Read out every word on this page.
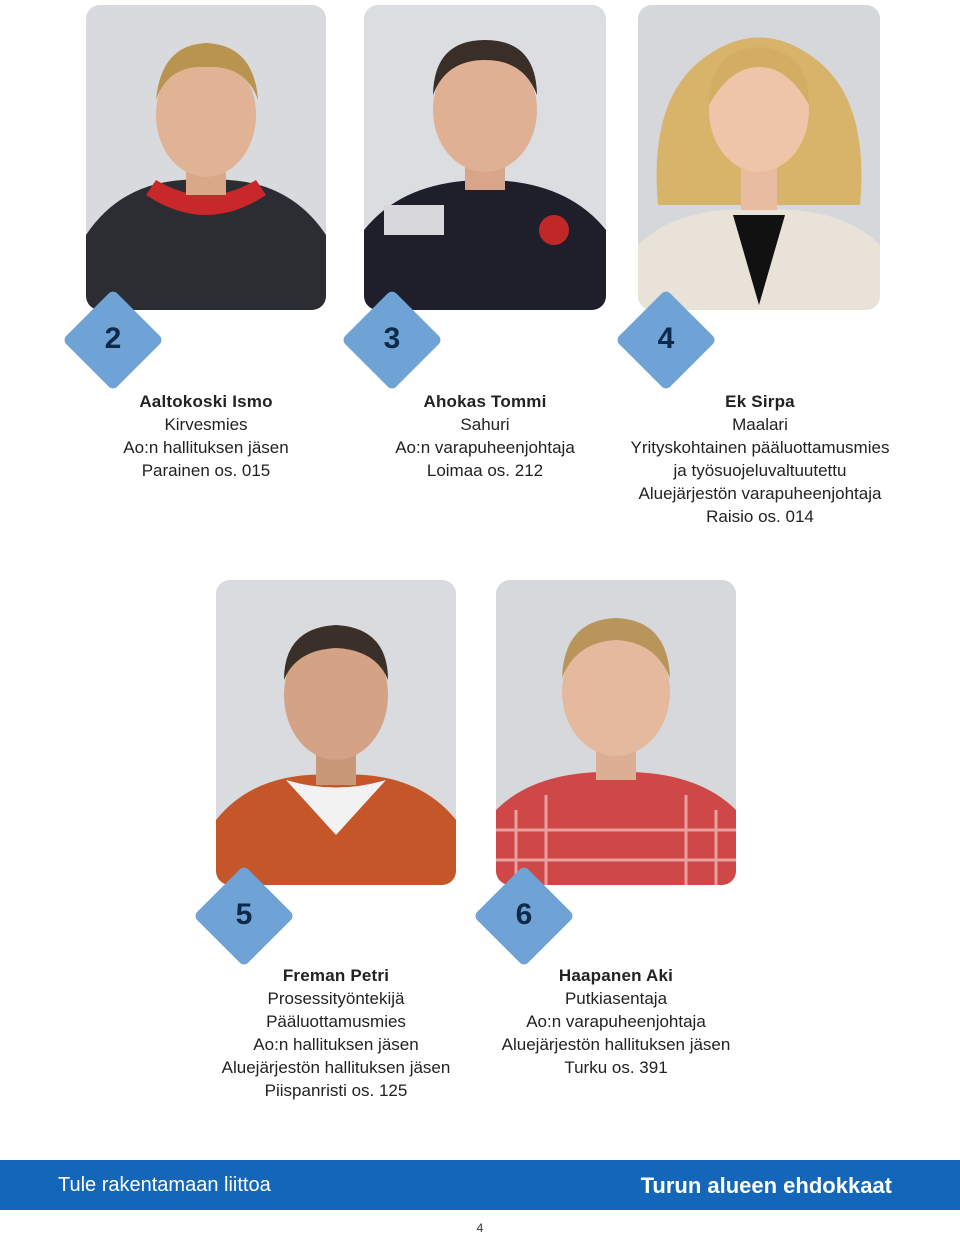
2
Aaltokoski Ismo
Kirvesmies
Ao:n hallituksen jäsen
Parainen os. 015
3
Ahokas Tommi
Sahuri
Ao:n varapuheenjohtaja
Loimaa os. 212
4
Ek Sirpa
Maalari
Yrityskohtainen pääluottamusmies
ja työsuojeluvaltuutettu
Aluejärjestön varapuheenjohtaja
Raisio os. 014
5
Freman Petri
Prosessityöntekijä
Pääluottamusmies
Ao:n hallituksen jäsen
Aluejärjestön hallituksen jäsen
Piispanristi os. 125
6
Haapanen Aki
Putkiasentaja
Ao:n varapuheenjohtaja
Aluejärjestön hallituksen jäsen
Turku os. 391
Tule rakentamaan liittoa	Turun alueen ehdokkaat
4
